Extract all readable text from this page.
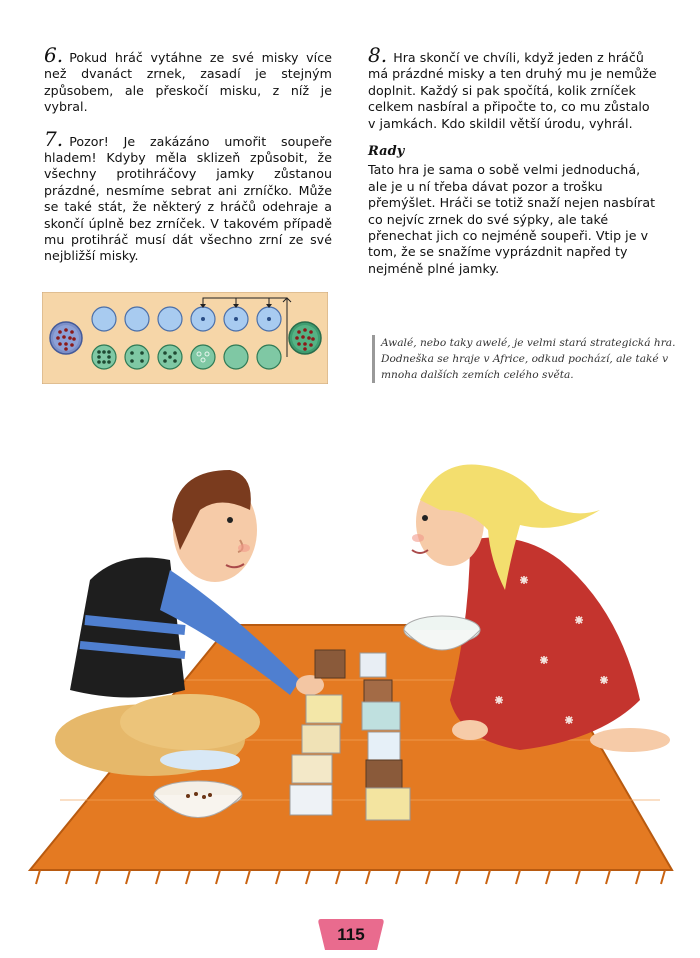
6. Pokud hráč vytáhne ze své misky více než dvanáct zrnek, zasadí je stejným způsobem, ale přeskočí misku, z níž je vybral.

7. Pozor! Je zakázáno umořit soupeře hladem! Kdyby měla sklizeň způsobit, že všechny protihráčovy jamky zůstanou prázdné, nesmíme sebrat ani zrníčko. Může se také stát, že některý z hráčů odehraje a skončí úplně bez zrníček. V takovém případě mu protihráč musí dát všechno zrní ze své nejbližší misky.

8. Hra skončí ve chvíli, když jeden z hráčů má prázdné misky a ten druhý mu je nemůže doplnit. Každý si pak spočítá, kolik zrníček celkem nasbíral a připočte to, co mu zůstalo v jamkách. Kdo skildil větší úrodu, vyhrál.

Rady

Tato hra je sama o sobě velmi jednoduchá, ale je u ní třeba dávat pozor a trošku přemýšlet. Hráči se totiž snaží nejen nasbírat co nejvíc zrnek do své sýpky, ale také přenechat jich co nejméně soupeři. Vtip je v tom, že se snažíme vyprázdnit napřed ty nejméně plné jamky.

Awalé, nebo taky awelé, je velmi stará strategická hra. Dodneška se hraje v Africe, odkud pochází, ale také v mnoha dalších zemích celého světa.
115
